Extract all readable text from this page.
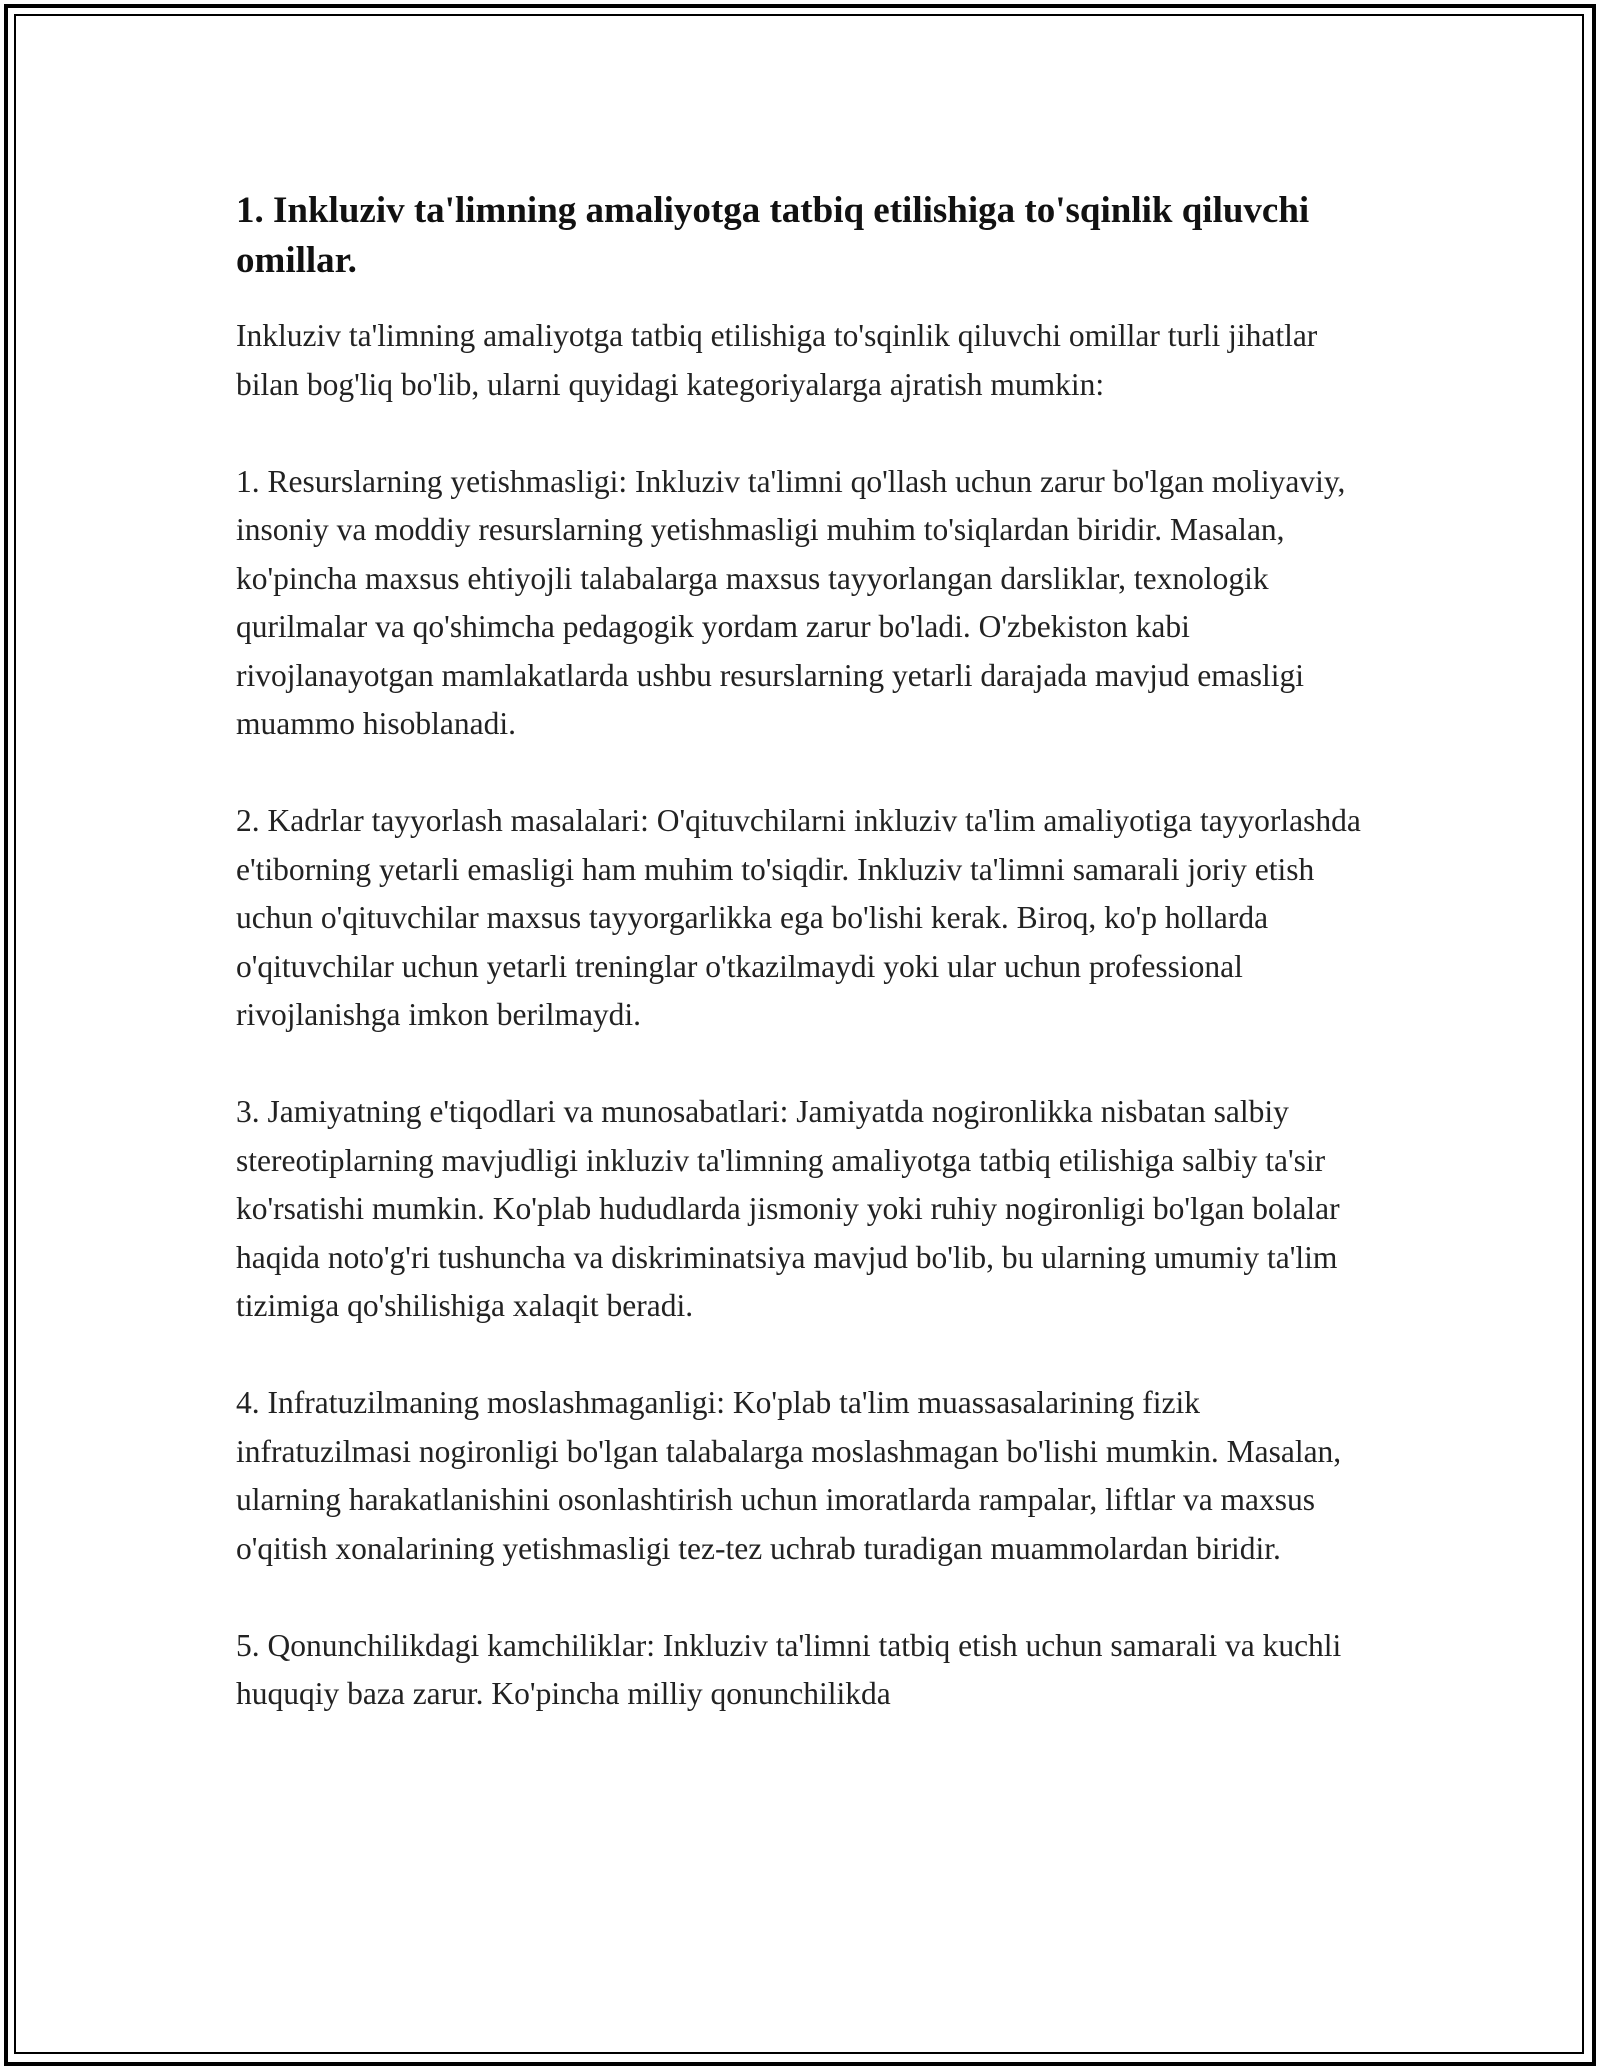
1. Inkluziv ta'limning amaliyotga tatbiq etilishiga to'sqinlik qiluvchi omillar.

Inkluziv ta'limning amaliyotga tatbiq etilishiga to'sqinlik qiluvchi omillar turli jihatlar bilan bog'liq bo'lib, ularni quyidagi kategoriyalarga ajratish mumkin:

1. Resurslarning yetishmasligi: Inkluziv ta'limni qo'llash uchun zarur bo'lgan moliyaviy, insoniy va moddiy resurslarning yetishmasligi muhim to'siqlardan biridir. Masalan, ko'pincha maxsus ehtiyojli talabalarga maxsus tayyorlangan darsliklar, texnologik qurilmalar va qo'shimcha pedagogik yordam zarur bo'ladi. O'zbekiston kabi rivojlanayotgan mamlakatlarda ushbu resurslarning yetarli darajada mavjud emasligi muammo hisoblanadi.

2. Kadrlar tayyorlash masalalari: O'qituvchilarni inkluziv ta'lim amaliyotiga tayyorlashda e'tiborning yetarli emasligi ham muhim to'siqdir. Inkluziv ta'limni samarali joriy etish uchun o'qituvchilar maxsus tayyorgarlikka ega bo'lishi kerak. Biroq, ko'p hollarda o'qituvchilar uchun yetarli treninglar o'tkazilmaydi yoki ular uchun professional rivojlanishga imkon berilmaydi.

3. Jamiyatning e'tiqodlari va munosabatlari: Jamiyatda nogironlikka nisbatan salbiy stereotiplarning mavjudligi inkluziv ta'limning amaliyotga tatbiq etilishiga salbiy ta'sir ko'rsatishi mumkin. Ko'plab hududlarda jismoniy yoki ruhiy nogironligi bo'lgan bolalar haqida noto'g'ri tushuncha va diskriminatsiya mavjud bo'lib, bu ularning umumiy ta'lim tizimiga qo'shilishiga xalaqit beradi.

4. Infratuzilmaning moslashmaganligi: Ko'plab ta'lim muassasalarining fizik infratuzilmasi nogironligi bo'lgan talabalarga moslashmagan bo'lishi mumkin. Masalan, ularning harakatlanishini osonlashtirish uchun imoratlarda rampalar, liftlar va maxsus o'qitish xonalarining yetishmasligi tez-tez uchrab turadigan muammolardan biridir.

5. Qonunchilikdagi kamchiliklar: Inkluziv ta'limni tatbiq etish uchun samarali va kuchli huquqiy baza zarur. Ko'pincha milliy qonunchilikda
